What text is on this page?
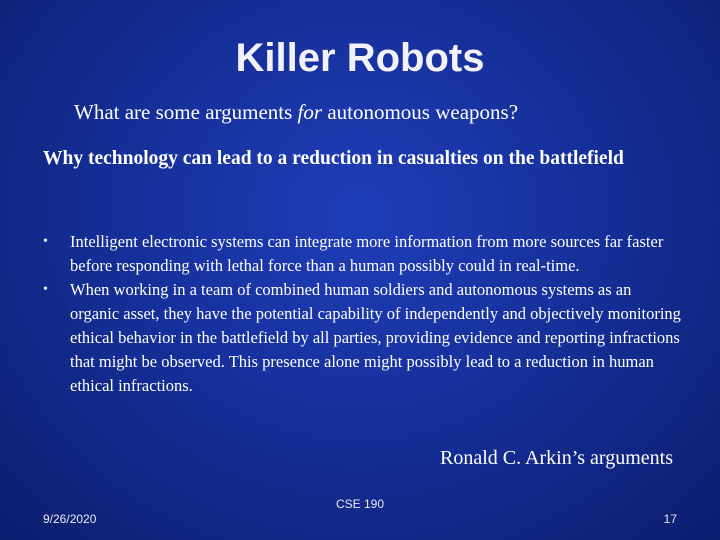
Killer Robots
What are some arguments for autonomous weapons?
Why technology can lead to a reduction in casualties on the battlefield
• Intelligent electronic systems can integrate more information from more sources far faster before responding with lethal force than a human possibly could in real-time.
• When working in a team of combined human soldiers and autonomous systems as an organic asset, they have the potential capability of independently and objectively monitoring ethical behavior in the battlefield by all parties, providing evidence and reporting infractions that might be observed. This presence alone might possibly lead to a reduction in human ethical infractions.
Ronald C. Arkin’s arguments
9/26/2020
CSE 190
17
